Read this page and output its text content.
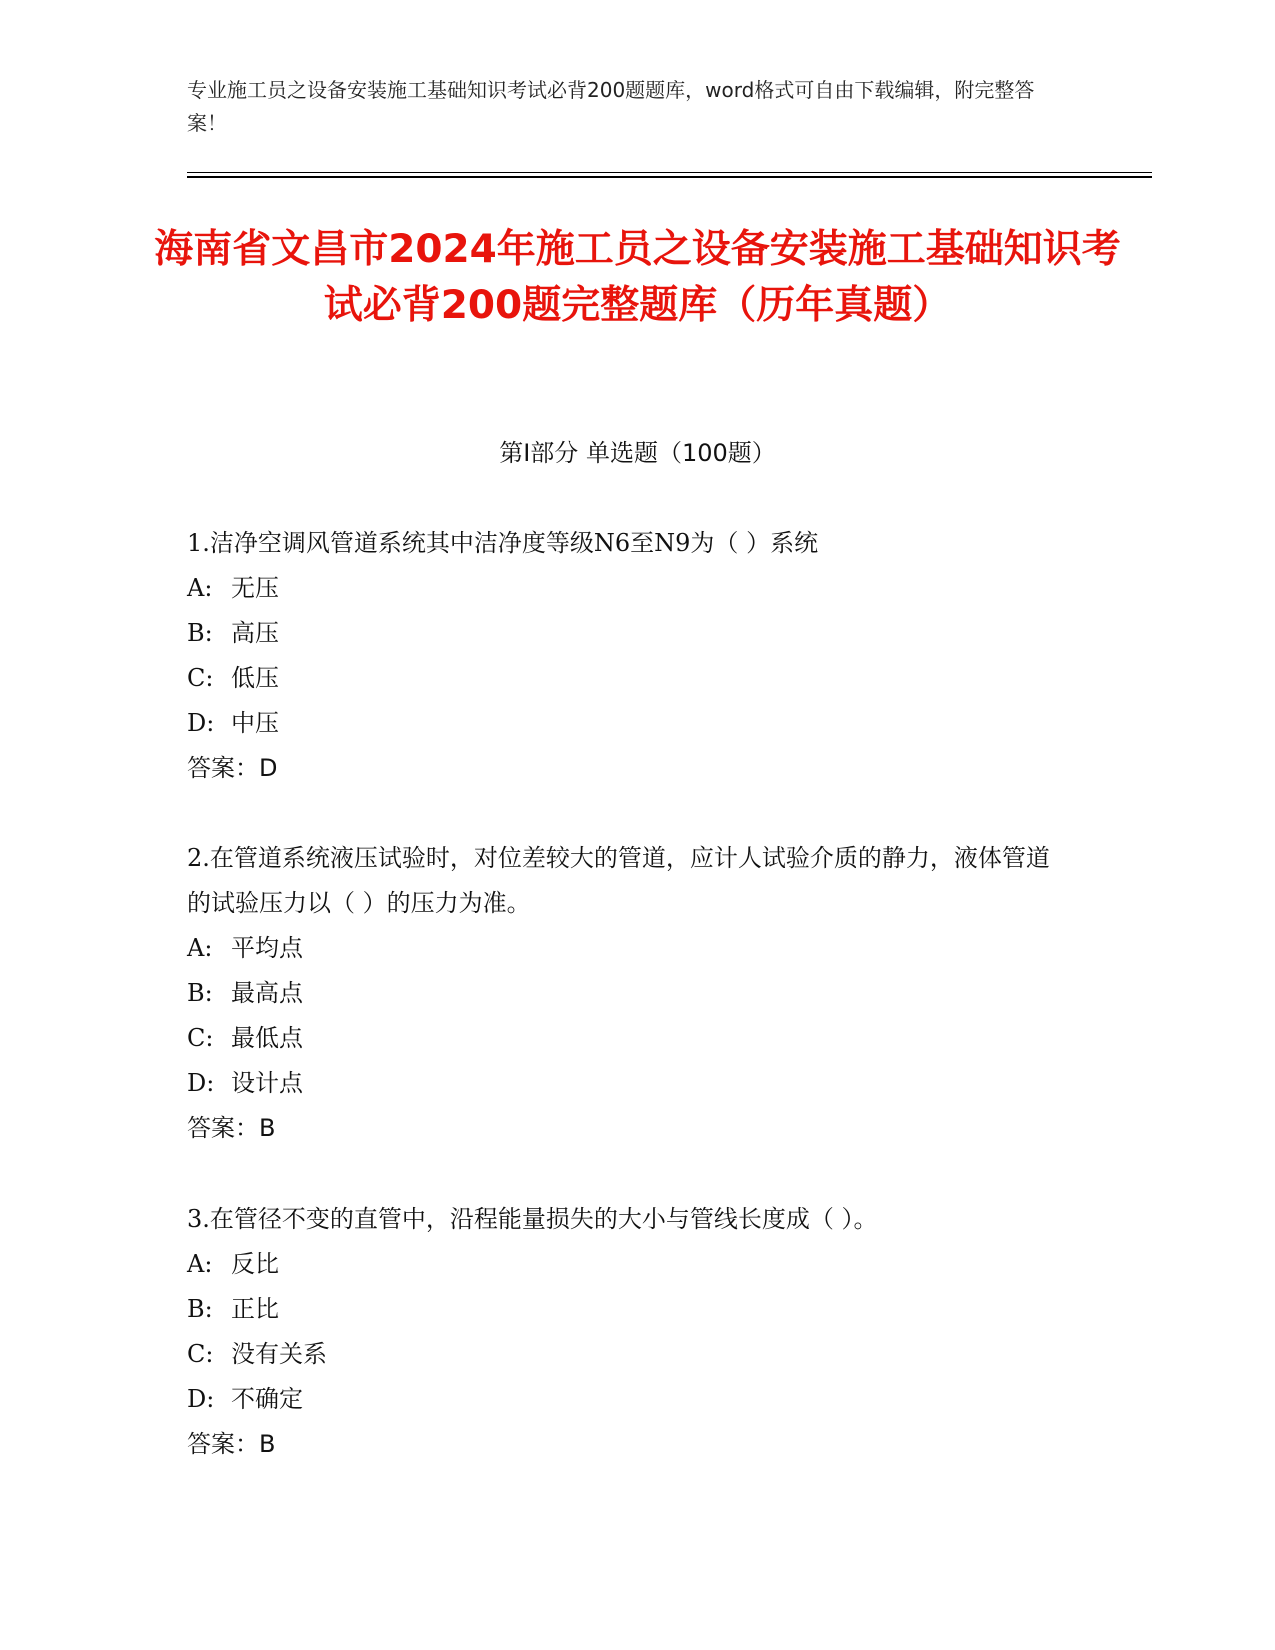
专业施工员之设备安装施工基础知识考试必背200题题库，word格式可自由下载编辑，附完整答案！
海南省文昌市2024年施工员之设备安装施工基础知识考试必背200题完整题库（历年真题）
第Ⅰ部分 单选题（100题）
1.洁净空调风管道系统其中洁净度等级N6至N9为（ ）系统
A: 无压
B: 高压
C: 低压
D: 中压
答案：D
2.在管道系统液压试验时，对位差较大的管道，应计人试验介质的静力，液体管道的试验压力以（ ）的压力为准。
A: 平均点
B: 最高点
C: 最低点
D: 设计点
答案：B
3.在管径不变的直管中，沿程能量损失的大小与管线长度成（ ）。
A: 反比
B: 正比
C: 没有关系
D: 不确定
答案：B
